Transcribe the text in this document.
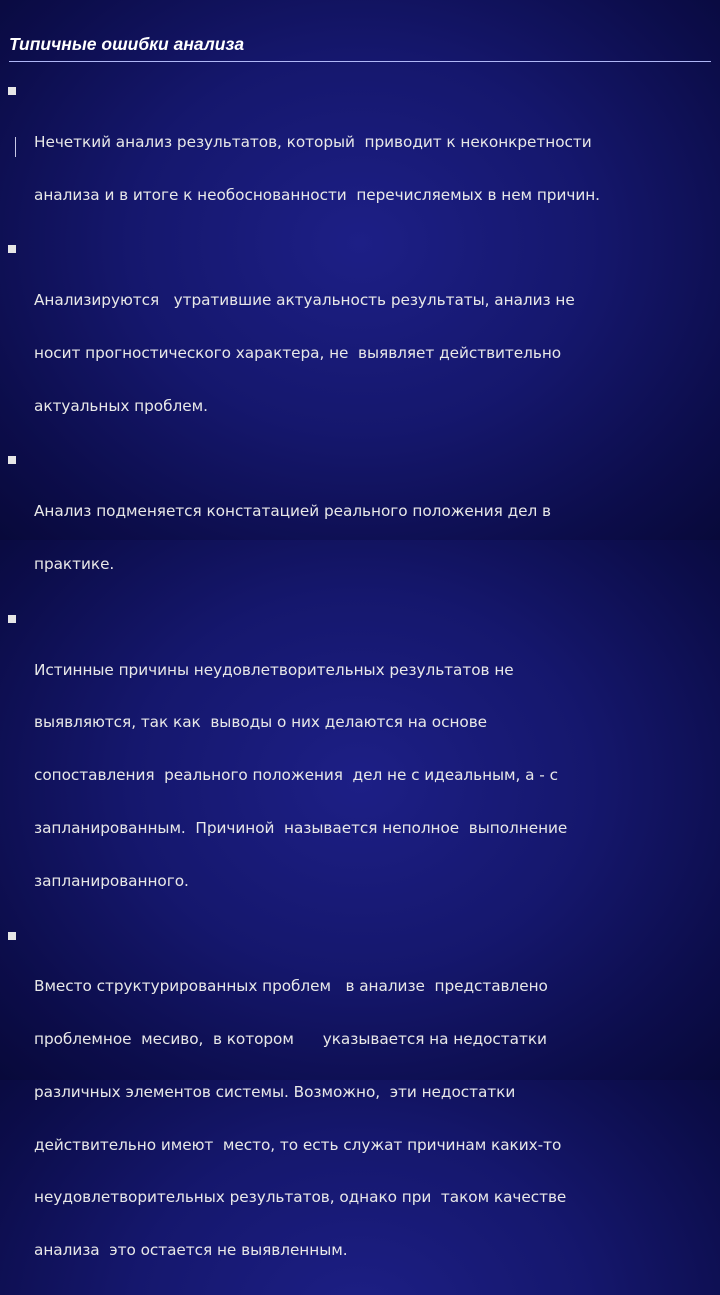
Типичные ошибки анализа

Нечеткий анализ результатов, который  приводит к неконкретности

анализа и в итоге к необоснованности  перечисляемых в нем причин.

Анализируются   утратившие актуальность результаты, анализ не

носит прогностического характера, не  выявляет действительно

актуальных проблем.

Анализ подменяется констатацией реального положения дел в

практике.

Истинные причины неудовлетворительных результатов не

выявляются, так как  выводы о них делаются на основе

сопоставления  реального положения  дел не с идеальным, а - с

запланированным.  Причиной  называется неполное  выполнение

запланированного.

Вместо структурированных проблем   в анализе  представлено

проблемное  месиво,  в котором      указывается на недостатки

различных элементов системы. Возможно,  эти недостатки

действительно имеют  место, то есть служат причинам каких-то

неудовлетворительных результатов, однако при  таком качестве

анализа  это остается не выявленным.
